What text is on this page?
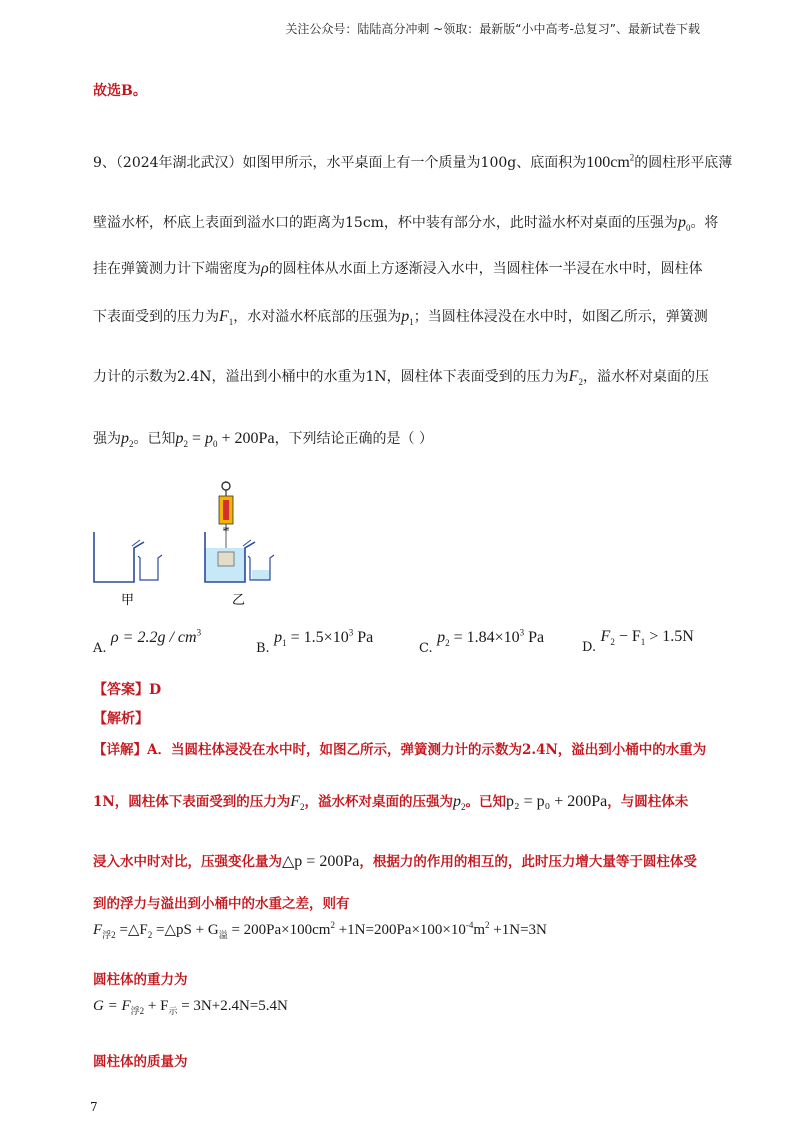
关注公众号：陆陆高分冲刺 ~领取：最新版“小中高考-总复习”、最新试卷下载
故选B。
9、（2024年湖北武汉）如图甲所示，水平桌面上有一个质量为100g、底面积为$100cm^2$的圆柱形平底薄
壁溢水杯，杯底上表面到溢水口的距离为15cm，杯中装有部分水，此时溢水杯对桌面的压强为$p_0$。将
挂在弹簧测力计下端密度为ρ的圆柱体从水面上方逐渐浸入水中，当圆柱体一半浸在水中时，圆柱体
下表面受到的压力为$F_1$，水对溢水杯底部的压强为$p_1$；当圆柱体浸没在水中时，如图乙所示，弹簧测
力计的示数为2.4N，溢出到小桶中的水重为1N，圆柱体下表面受到的压力为$F_2$，溢水杯对桌面的压
强为$p_2$。已知$p_2 = p_0 + 200Pa$，下列结论正确的是（ ）
甲	乙
A. $\rho = 2.2g / cm^3$
B. $p_1 = 1.5\times 10^3$ Pa
C. $p_2 = 1.84\times 10^3$ Pa
D. $F_2 - F_1 > 1.5N$
【答案】D
【解析】
【详解】A．当圆柱体浸没在水中时，如图乙所示，弹簧测力计的示数为2.4N，溢出到小桶中的水重为
1N，圆柱体下表面受到的压力为$F_2$，溢水杯对桌面的压强为$p_2$。已知p₂ = p₀ + 200Pa，与圆柱体未
浸入水中时对比，压强变化量为△p = 200Pa，根据力的作用的相互的，此时压力增大量等于圆柱体受
到的浮力与溢出到小桶中的水重之差，则有
$F_{浮2}$ $=\triangle F_2$ =△pS + $G_溢 = 200Pa\times 100cm^2 +1N=200Pa\times 100\times 10^{-4}m^2 +1N=3N$
圆柱体的重力为
$G = F_{浮2} + F_示 = 3N+2.4N=5.4N$
圆柱体的质量为
7
